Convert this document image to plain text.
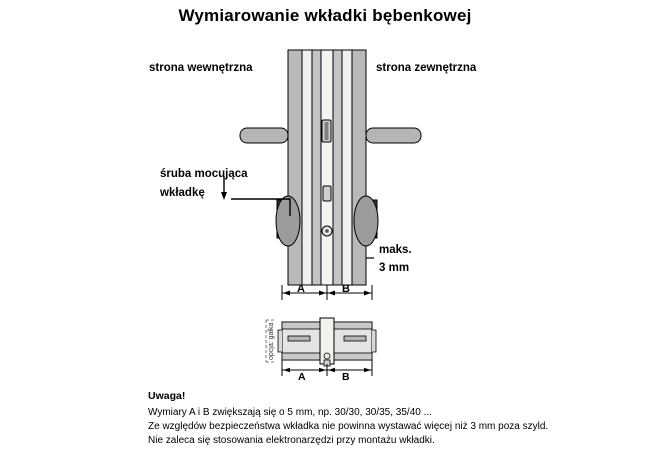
Wymiarowanie wkładki bębenkowej
strona wewnętrzna	strona zewnętrzna
śruba mocująca
wkładkę
maks.
3 mm
A	B
A	B
opcja: gałka
Uwaga!
Wymiary A i B zwiększają się o 5 mm, np. 30/30, 30/35, 35/40 ...
Ze względów bezpieczeństwa wkładka nie powinna wystawać więcej niż 3 mm poza szyld.
Nie zaleca się stosowania elektronarzędzi przy montażu wkładki.
